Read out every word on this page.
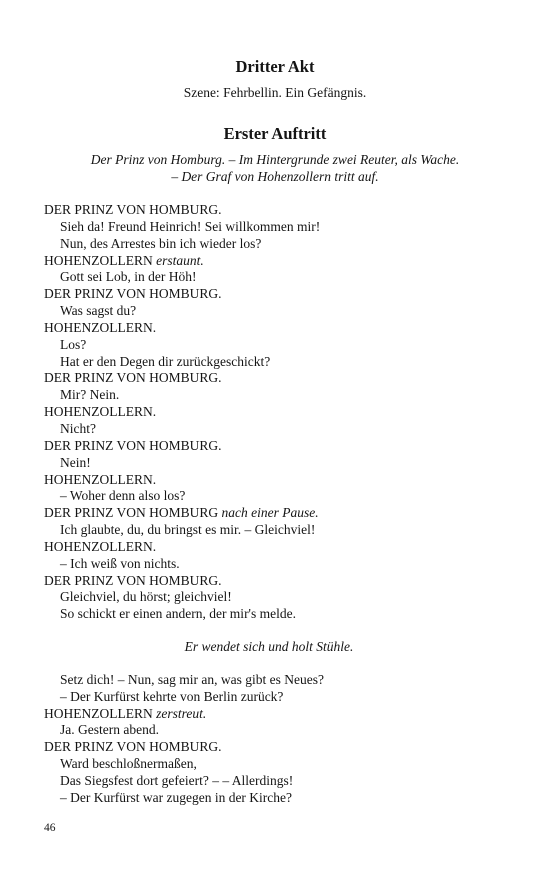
Dritter Akt
Szene: Fehrbellin. Ein Gefängnis.
Erster Auftritt
Der Prinz von Homburg. – Im Hintergrunde zwei Reuter, als Wache.
– Der Graf von Hohenzollern tritt auf.
DER PRINZ VON HOMBURG.
Sieh da! Freund Heinrich! Sei willkommen mir!
Nun, des Arrestes bin ich wieder los?
HOHENZOLLERN erstaunt.
Gott sei Lob, in der Höh!
DER PRINZ VON HOMBURG.
Was sagst du?
HOHENZOLLERN.
Los?
Hat er den Degen dir zurückgeschickt?
DER PRINZ VON HOMBURG.
Mir? Nein.
HOHENZOLLERN.
Nicht?
DER PRINZ VON HOMBURG.
Nein!
HOHENZOLLERN.
– Woher denn also los?
DER PRINZ VON HOMBURG nach einer Pause.
Ich glaubte, du, du bringst es mir. – Gleichviel!
HOHENZOLLERN.
– Ich weiß von nichts.
DER PRINZ VON HOMBURG.
Gleichviel, du hörst; gleichviel!
So schickt er einen andern, der mir's melde.
Er wendet sich und holt Stühle.
Setz dich! – Nun, sag mir an, was gibt es Neues?
– Der Kurfürst kehrte von Berlin zurück?
HOHENZOLLERN zerstreut.
Ja. Gestern abend.
DER PRINZ VON HOMBURG.
Ward beschloßnermaßen,
Das Siegsfest dort gefeiert? – – Allerdings!
– Der Kurfürst war zugegen in der Kirche?
46
